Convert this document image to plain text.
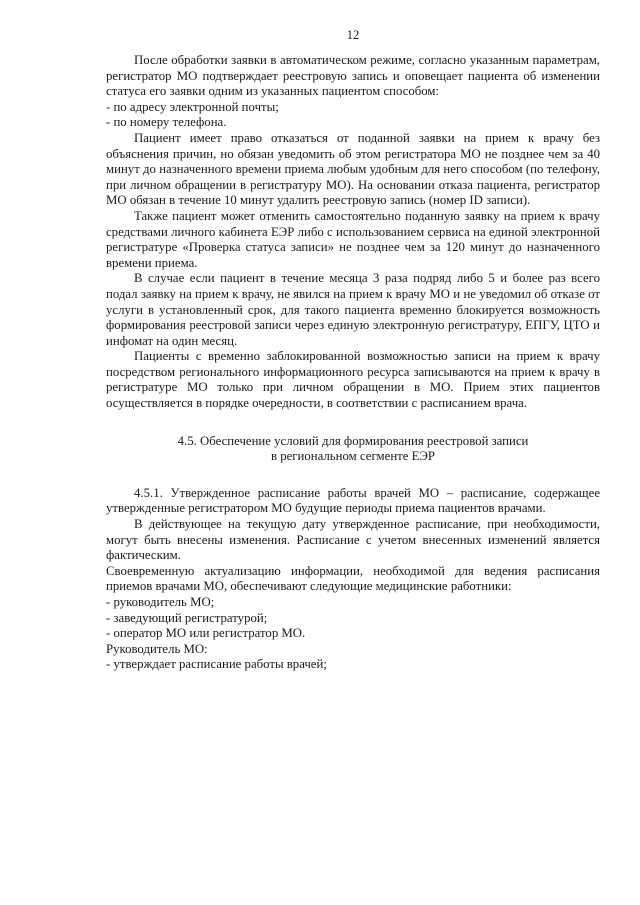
12

После обработки заявки в автоматическом режиме, согласно указанным параметрам, регистратор МО подтверждает реестровую запись и оповещает пациента об изменении статуса его заявки одним из указанных пациентом способом:

- по адресу электронной почты;

- по номеру телефона.

Пациент имеет право отказаться от поданной заявки на прием к врачу без объяснения причин, но обязан уведомить об этом регистратора МО не позднее чем за 40 минут до назначенного времени приема любым удобным для него способом (по телефону, при личном обращении в регистратуру МО). На основании отказа пациента, регистратор МО обязан в течение 10 минут удалить реестровую запись (номер ID записи).

Также пациент может отменить самостоятельно поданную заявку на прием к врачу средствами личного кабинета ЕЭР либо с использованием сервиса на единой электронной регистратуре «Проверка статуса записи» не позднее чем за 120 минут до назначенного времени приема.

В случае если пациент в течение месяца 3 раза подряд либо 5 и более раз всего подал заявку на прием к врачу, не явился на прием к врачу МО и не уведомил об отказе от услуги в установленный срок, для такого пациента временно блокируется возможность формирования реестровой записи через единую электронную регистратуру, ЕПГУ, ЦТО и инфомат на один месяц.

Пациенты с временно заблокированной возможностью записи на прием к врачу посредством регионального информационного ресурса записываются на прием к врачу в регистратуре МО только при личном обращении в МО. Прием этих пациентов осуществляется в порядке очередности, в соответствии с расписанием врача.

4.5. Обеспечение условий для формирования реестровой записи
в региональном сегменте ЕЭР

4.5.1. Утвержденное расписание работы врачей МО – расписание, содержащее утвержденные регистратором МО будущие периоды приема пациентов врачами.

В действующее на текущую дату утвержденное расписание, при необходимости, могут быть внесены изменения. Расписание с учетом внесенных изменений является фактическим.

Своевременную актуализацию информации, необходимой для ведения расписания приемов врачами МО, обеспечивают следующие медицинские работники:

- руководитель МО;

- заведующий регистратурой;

- оператор МО или регистратор МО.

Руководитель МО:

- утверждает расписание работы врачей;
